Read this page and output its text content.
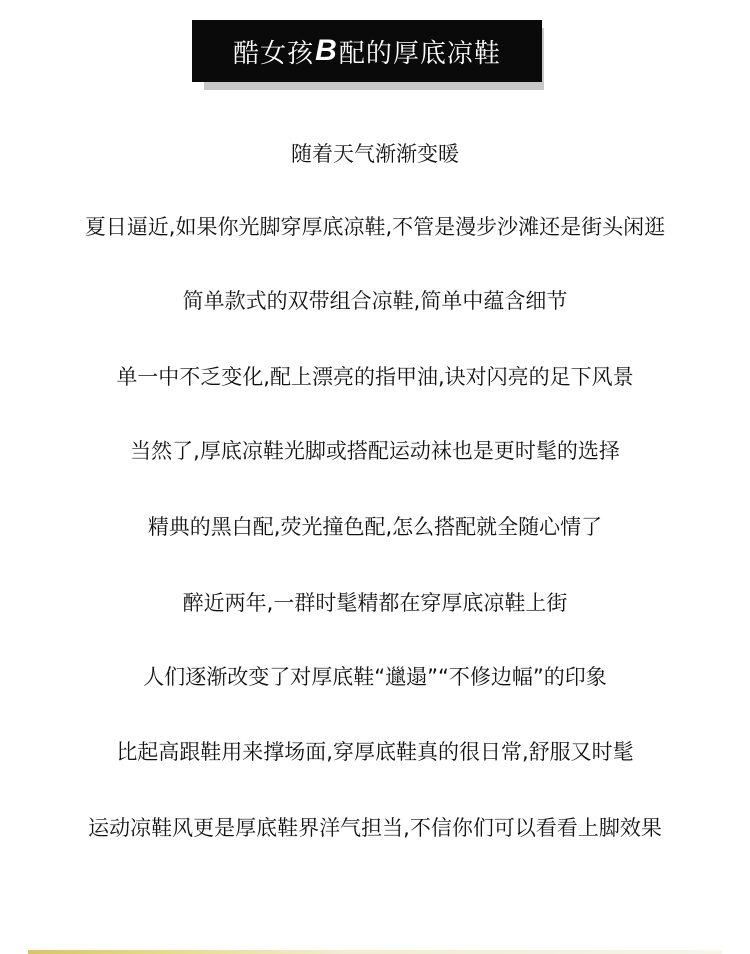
酷女孩 B 配的厚底凉鞋
随着天气渐渐变暖
夏日逼近,如果你光脚穿厚底凉鞋,不管是漫步沙滩还是街头闲逛
简单款式的双带组合凉鞋,简单中蕴含细节
单一中不乏变化,配上漂亮的指甲油,诀对闪亮的足下风景
当然了,厚底凉鞋光脚或搭配运动袜也是更时髦的选择
精典的黑白配,荧光撞色配,怎么搭配就全随心情了
醉近两年,一群时髦精都在穿厚底凉鞋上街
人们逐渐改变了对厚底鞋“邋遢”“不修边幅”的印象
比起高跟鞋用来撑场面,穿厚底鞋真的很日常,舒服又时髦
运动凉鞋风更是厚底鞋界洋气担当,不信你们可以看看上脚效果
